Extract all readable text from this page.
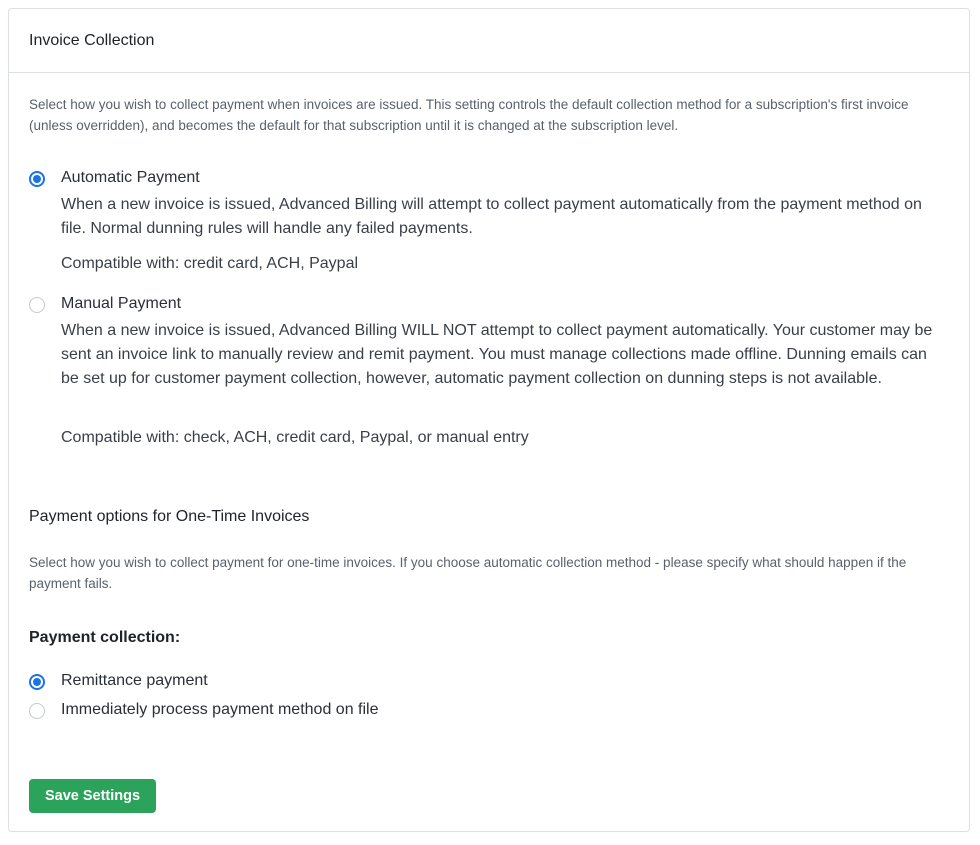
Invoice Collection
Select how you wish to collect payment when invoices are issued. This setting controls the default collection method for a subscription's first invoice (unless overridden), and becomes the default for that subscription until it is changed at the subscription level.
Automatic Payment
When a new invoice is issued, Advanced Billing will attempt to collect payment automatically from the payment method on file. Normal dunning rules will handle any failed payments.
Compatible with: credit card, ACH, Paypal
Manual Payment
When a new invoice is issued, Advanced Billing WILL NOT attempt to collect payment automatically. Your customer may be sent an invoice link to manually review and remit payment. You must manage collections made offline. Dunning emails can be set up for customer payment collection, however, automatic payment collection on dunning steps is not available.
Compatible with: check, ACH, credit card, Paypal, or manual entry
Payment options for One-Time Invoices
Select how you wish to collect payment for one-time invoices. If you choose automatic collection method - please specify what should happen if the payment fails.
Payment collection:
Remittance payment
Immediately process payment method on file
Save Settings
